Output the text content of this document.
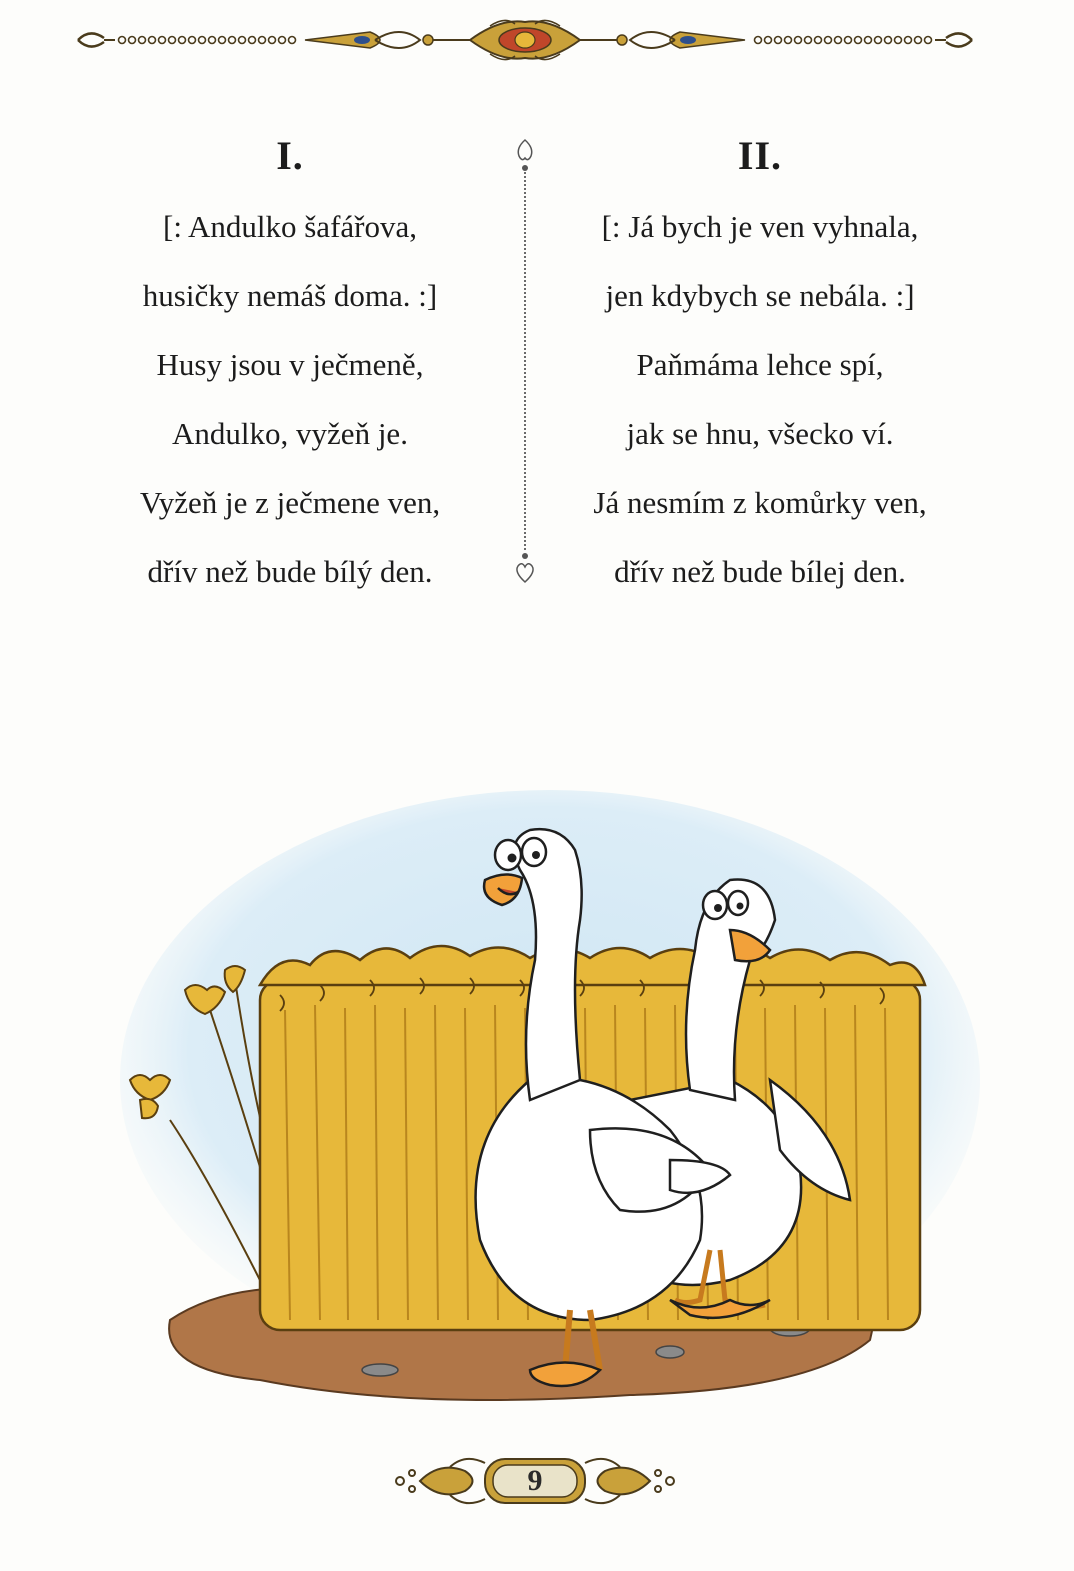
I.
[: Andulko šafářova,
husičky nemáš doma. :]
Husy jsou v ječmeně,
Andulko, vyžeň je.
Vyžeň je z ječmene ven,
dřív než bude bílý den.
II.
[: Já bych je ven vyhnala,
jen kdybych se nebála. :]
Paňmáma lehce spí,
jak se hnu, všecko ví.
Já nesmím z komůrky ven,
dřív než bude bílej den.
9
